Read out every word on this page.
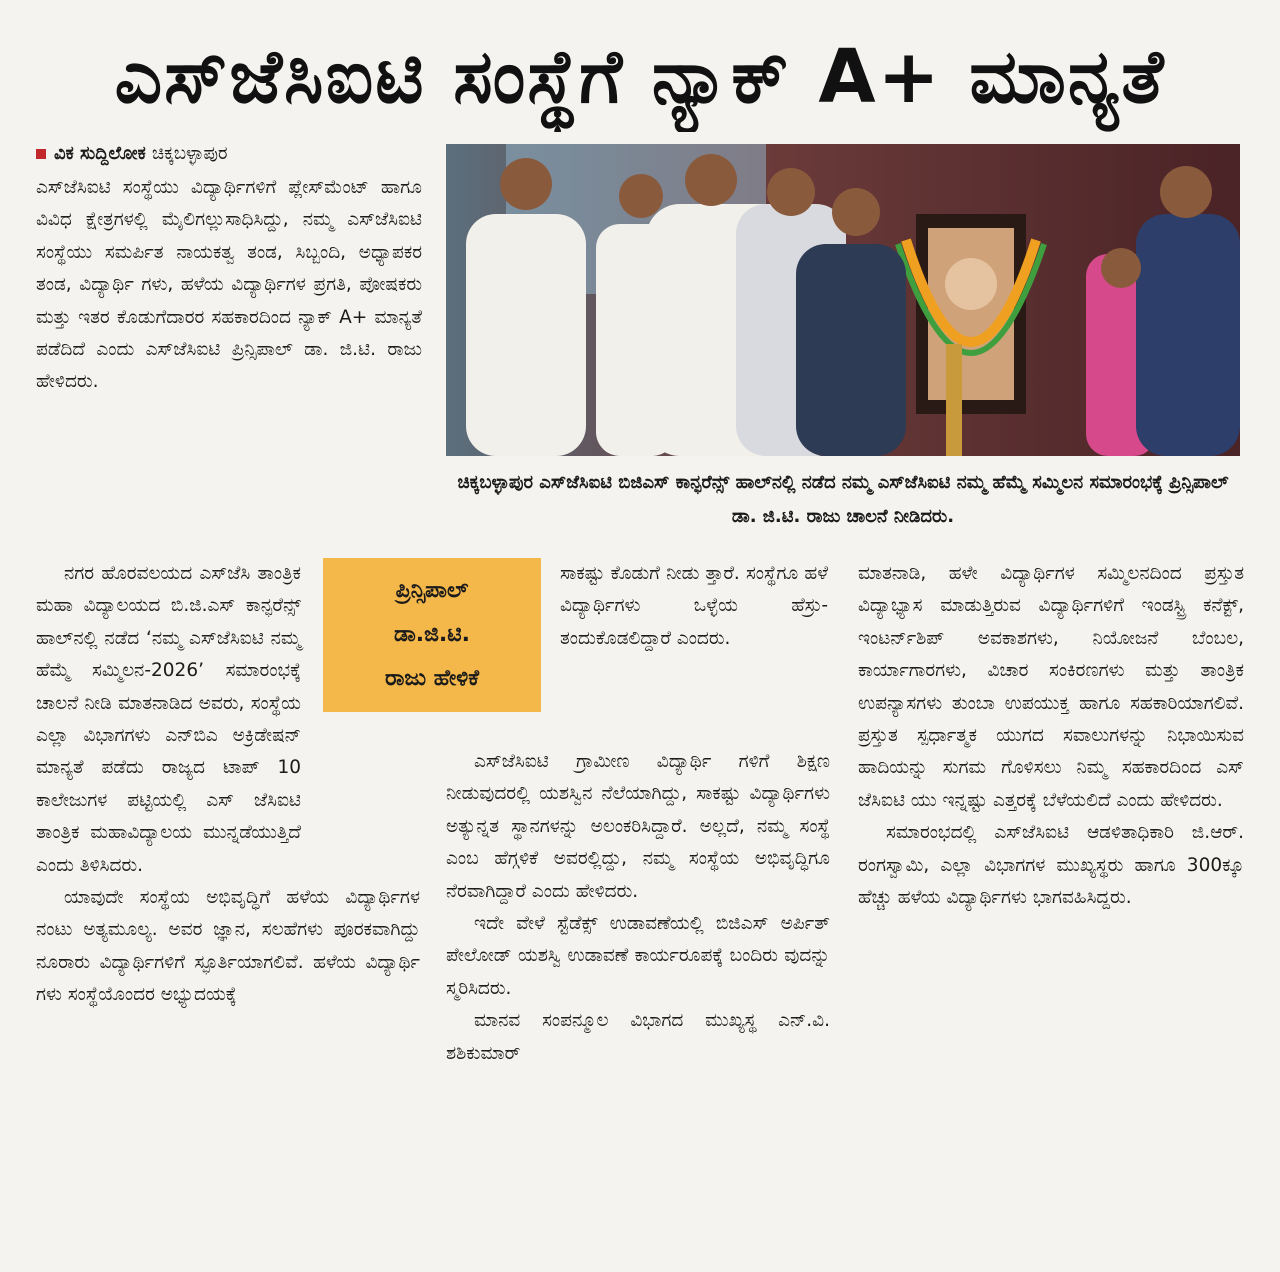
ಎಸ್‌ಜೆಸಿಐಟಿ ಸಂಸ್ಥೆಗೆ ನ್ಯಾಕ್ A+ ಮಾನ್ಯತೆ
ವಿಕ ಸುದ್ದಿಲೋಕ ಚಿಕ್ಕಬಳ್ಳಾಪುರ

ಎಸ್‌ಜೆಸಿಐಟಿ ಸಂಸ್ಥೆಯು ವಿದ್ಯಾರ್ಥಿಗಳಿಗೆ ಪ್ಲೇಸ್‌ಮೆಂಟ್ ಹಾಗೂ ವಿವಿಧ ಕ್ಷೇತ್ರಗಳಲ್ಲಿ ಮೈಲಿಗಲ್ಲುಸಾಧಿಸಿದ್ದು, ನಮ್ಮ ಎಸ್‌ಜೆಸಿಐಟಿ ಸಂಸ್ಥೆಯು ಸಮರ್ಪಿತ ನಾಯಕತ್ವ ತಂಡ, ಸಿಬ್ಬಂದಿ, ಅಧ್ಯಾಪಕರ ತಂಡ, ವಿದ್ಯಾರ್ಥಿ ಗಳು, ಹಳೆಯ ವಿದ್ಯಾರ್ಥಿಗಳ ಪ್ರಗತಿ, ಪೋಷಕರು ಮತ್ತು ಇತರ ಕೊಡುಗೆದಾರರ ಸಹಕಾರದಿಂದ ನ್ಯಾಕ್ A+ ಮಾನ್ಯತೆ ಪಡೆದಿದೆ ಎಂದು ಎಸ್‌ಜೆಸಿಐಟಿ ಪ್ರಿನ್ಸಿಪಾಲ್ ಡಾ. ಜಿ.ಟಿ. ರಾಜು ಹೇಳಿದರು.

ನಗರ ಹೊರವಲಯದ ಎಸ್‌ಜೆಸಿ ತಾಂತ್ರಿಕ ಮಹಾ ವಿದ್ಯಾಲಯದ ಬಿ.ಜಿ.ಎಸ್ ಕಾನ್ಫರೆನ್ಸ್ ಹಾಲ್‌ನಲ್ಲಿ ನಡೆದ ‘ನಮ್ಮ ಎಸ್‌ಜೆಸಿಐಟಿ ನಮ್ಮ ಹೆಮ್ಮೆ ಸಮ್ಮಿಲನ-2026’ ಸಮಾರಂಭಕ್ಕೆ ಚಾಲನೆ ನೀಡಿ ಮಾತನಾಡಿದ ಅವರು, ಸಂಸ್ಥೆಯ ಎಲ್ಲಾ ವಿಭಾಗಗಳು ಎನ್‌ಬಿಎ ಅಕ್ರಿಡೇಷನ್ ಮಾನ್ಯತೆ ಪಡೆದು ರಾಜ್ಯದ ಟಾಪ್ 10 ಕಾಲೇಜುಗಳ ಪಟ್ಟಿಯಲ್ಲಿ ಎಸ್ ಜೆಸಿಐಟಿ ತಾಂತ್ರಿಕ ಮಹಾವಿದ್ಯಾಲಯ ಮುನ್ನಡೆಯುತ್ತಿದೆ ಎಂದು ತಿಳಿಸಿದರು.

ಯಾವುದೇ ಸಂಸ್ಥೆಯ ಅಭಿವೃದ್ಧಿಗೆ ಹಳೆಯ ವಿದ್ಯಾರ್ಥಿಗಳ ನಂಟು ಅತ್ಯಮೂಲ್ಯ. ಅವರ ಜ್ಞಾನ, ಸಲಹೆಗಳು ಪೂರಕವಾಗಿದ್ದು ನೂರಾರು ವಿದ್ಯಾರ್ಥಿಗಳಿಗೆ ಸ್ಫೂರ್ತಿಯಾಗಲಿವೆ. ಹಳೆಯ ವಿದ್ಯಾರ್ಥಿ ಗಳು ಸಂಸ್ಥೆಯೊಂದರ ಅಭ್ಯುದಯಕ್ಕೆ

ಚಿಕ್ಕಬಳ್ಳಾಪುರ ಎಸ್‌ಜೆಸಿಐಟಿ ಬಿಜಿಎಸ್ ಕಾನ್ಫರೆನ್ಸ್ ಹಾಲ್‌ನಲ್ಲಿ ನಡೆದ ನಮ್ಮ ಎಸ್‌ಜೆಸಿಐಟಿ ನಮ್ಮ ಹೆಮ್ಮೆ ಸಮ್ಮಿಲನ ಸಮಾರಂಭಕ್ಕೆ ಪ್ರಿನ್ಸಿಪಾಲ್ ಡಾ. ಜಿ.ಟಿ. ರಾಜು ಚಾಲನೆ ನೀಡಿದರು.
ಪ್ರಿನ್ಸಿಪಾಲ್
ಡಾ.ಜಿ.ಟಿ.
ರಾಜು ಹೇಳಿಕೆ

ಸಾಕಷ್ಟು ಕೊಡುಗೆ ನೀಡು ತ್ತಾರೆ. ಸಂಸ್ಥೆಗೂ ಹಳೆ ವಿದ್ಯಾರ್ಥಿಗಳು ಒಳ್ಳೆಯ ಹೆಸ್ರು- ತಂದುಕೊಡಲಿದ್ದಾರೆ ಎಂದರು.

ಎಸ್‌ಜೆಸಿಐಟಿ ಗ್ರಾಮೀಣ ವಿದ್ಯಾರ್ಥಿ ಗಳಿಗೆ ಶಿಕ್ಷಣ ನೀಡುವುದರಲ್ಲಿ ಯಶಸ್ವಿನ ನೆಲೆಯಾಗಿದ್ದು, ಸಾಕಷ್ಟು ವಿದ್ಯಾರ್ಥಿಗಳು ಅತ್ಯುನ್ನತ ಸ್ಥಾನಗಳನ್ನು ಅಲಂಕರಿಸಿದ್ದಾರೆ. ಅಲ್ಲದೆ, ನಮ್ಮ ಸಂಸ್ಥೆ ಎಂಬ ಹೆಗ್ಗಳಿಕೆ ಅವರಲ್ಲಿದ್ದು, ನಮ್ಮ ಸಂಸ್ಥೆಯ ಅಭಿವೃದ್ಧಿಗೂ ನೆರವಾಗಿದ್ದಾರೆ ಎಂದು ಹೇಳಿದರು.

ಇದೇ ವೇಳೆ ಸ್ಟೆಡೆಕ್ಸ್ ಉಡಾವಣೆಯಲ್ಲಿ ಬಿಜಿಎಸ್ ಅರ್ಪಿತ್ ಪೇಲೋಡ್ ಯಶಸ್ವಿ ಉಡಾವಣೆ ಕಾರ್ಯರೂಪಕ್ಕೆ ಬಂದಿರು ವುದನ್ನು ಸ್ಮರಿಸಿದರು.

ಮಾನವ ಸಂಪನ್ಮೂಲ ವಿಭಾಗದ ಮುಖ್ಯಸ್ಥ ಎನ್.ವಿ. ಶಶಿಕುಮಾರ್

ಮಾತನಾಡಿ, ಹಳೇ ವಿದ್ಯಾರ್ಥಿಗಳ ಸಮ್ಮಿಲನದಿಂದ ಪ್ರಸ್ತುತ ವಿದ್ಯಾಭ್ಯಾಸ ಮಾಡುತ್ತಿರುವ ವಿದ್ಯಾರ್ಥಿಗಳಿಗೆ ಇಂಡಸ್ಟ್ರಿ ಕನೆಕ್ಟ್, ಇಂಟರ್ನ್‌ಶಿಪ್ ಅವಕಾಶಗಳು, ನಿಯೋಜನೆ ಬೆಂಬಲ, ಕಾರ್ಯಾಗಾರಗಳು, ವಿಚಾರ ಸಂಕಿರಣಗಳು ಮತ್ತು ತಾಂತ್ರಿಕ ಉಪನ್ಯಾಸಗಳು ತುಂಬಾ ಉಪಯುಕ್ತ ಹಾಗೂ ಸಹಕಾರಿಯಾಗಲಿವೆ. ಪ್ರಸ್ತುತ ಸ್ಪರ್ಧಾತ್ಮಕ ಯುಗದ ಸವಾಲುಗಳನ್ನು ನಿಭಾಯಿಸುವ ಹಾದಿಯನ್ನು ಸುಗಮ ಗೊಳಿಸಲು ನಿಮ್ಮ ಸಹಕಾರದಿಂದ ಎಸ್ ಜೆಸಿಐಟಿ ಯು ಇನ್ನಷ್ಟು ಎತ್ತರಕ್ಕೆ ಬೆಳೆಯಲಿದೆ ಎಂದು ಹೇಳಿದರು.

ಸಮಾರಂಭದಲ್ಲಿ ಎಸ್‌ಜೆಸಿಐಟಿ ಆಡಳಿತಾಧಿಕಾರಿ ಜಿ.ಆರ್. ರಂಗಸ್ವಾಮಿ, ಎಲ್ಲಾ ವಿಭಾಗಗಳ ಮುಖ್ಯಸ್ಥರು ಹಾಗೂ 300ಕ್ಕೂ ಹೆಚ್ಚು ಹಳೆಯ ವಿದ್ಯಾರ್ಥಿಗಳು ಭಾಗವಹಿಸಿದ್ದರು.
